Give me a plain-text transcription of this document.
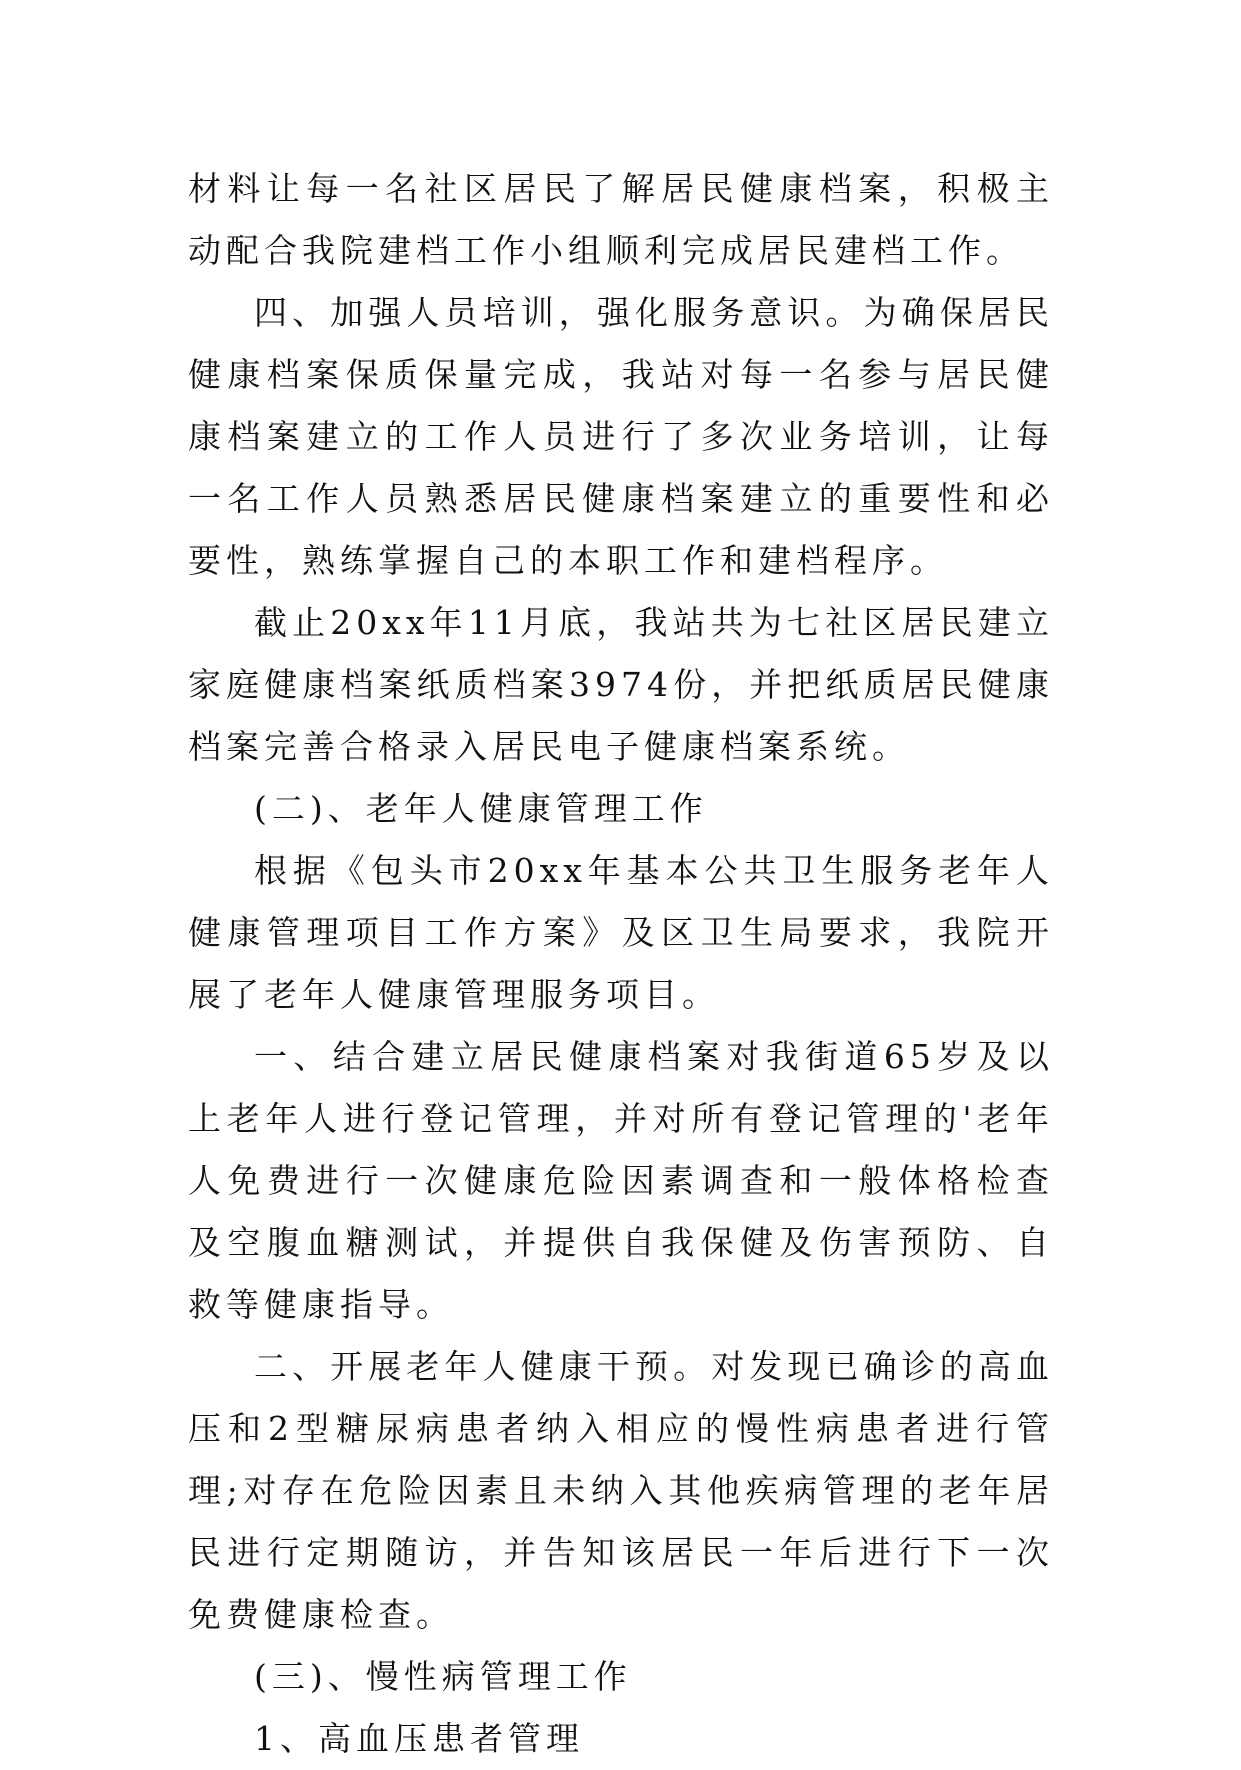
材料让每一名社区居民了解居民健康档案，积极主动配合我院建档工作小组顺利完成居民建档工作。

四、加强人员培训，强化服务意识。为确保居民健康档案保质保量完成，我站对每一名参与居民健康档案建立的工作人员进行了多次业务培训，让每一名工作人员熟悉居民健康档案建立的重要性和必要性，熟练掌握自己的本职工作和建档程序。

截止20xx年11月底，我站共为七社区居民建立家庭健康档案纸质档案3974份，并把纸质居民健康档案完善合格录入居民电子健康档案系统。

(二)、老年人健康管理工作

根据《包头市20xx年基本公共卫生服务老年人健康管理项目工作方案》及区卫生局要求，我院开展了老年人健康管理服务项目。

一、结合建立居民健康档案对我街道65岁及以上老年人进行登记管理，并对所有登记管理的'老年人免费进行一次健康危险因素调查和一般体格检查及空腹血糖测试，并提供自我保健及伤害预防、自救等健康指导。

二、开展老年人健康干预。对发现已确诊的高血压和2型糖尿病患者纳入相应的慢性病患者进行管理;对存在危险因素且未纳入其他疾病管理的老年居民进行定期随访，并告知该居民一年后进行下一次免费健康检查。

(三)、慢性病管理工作

1、高血压患者管理
